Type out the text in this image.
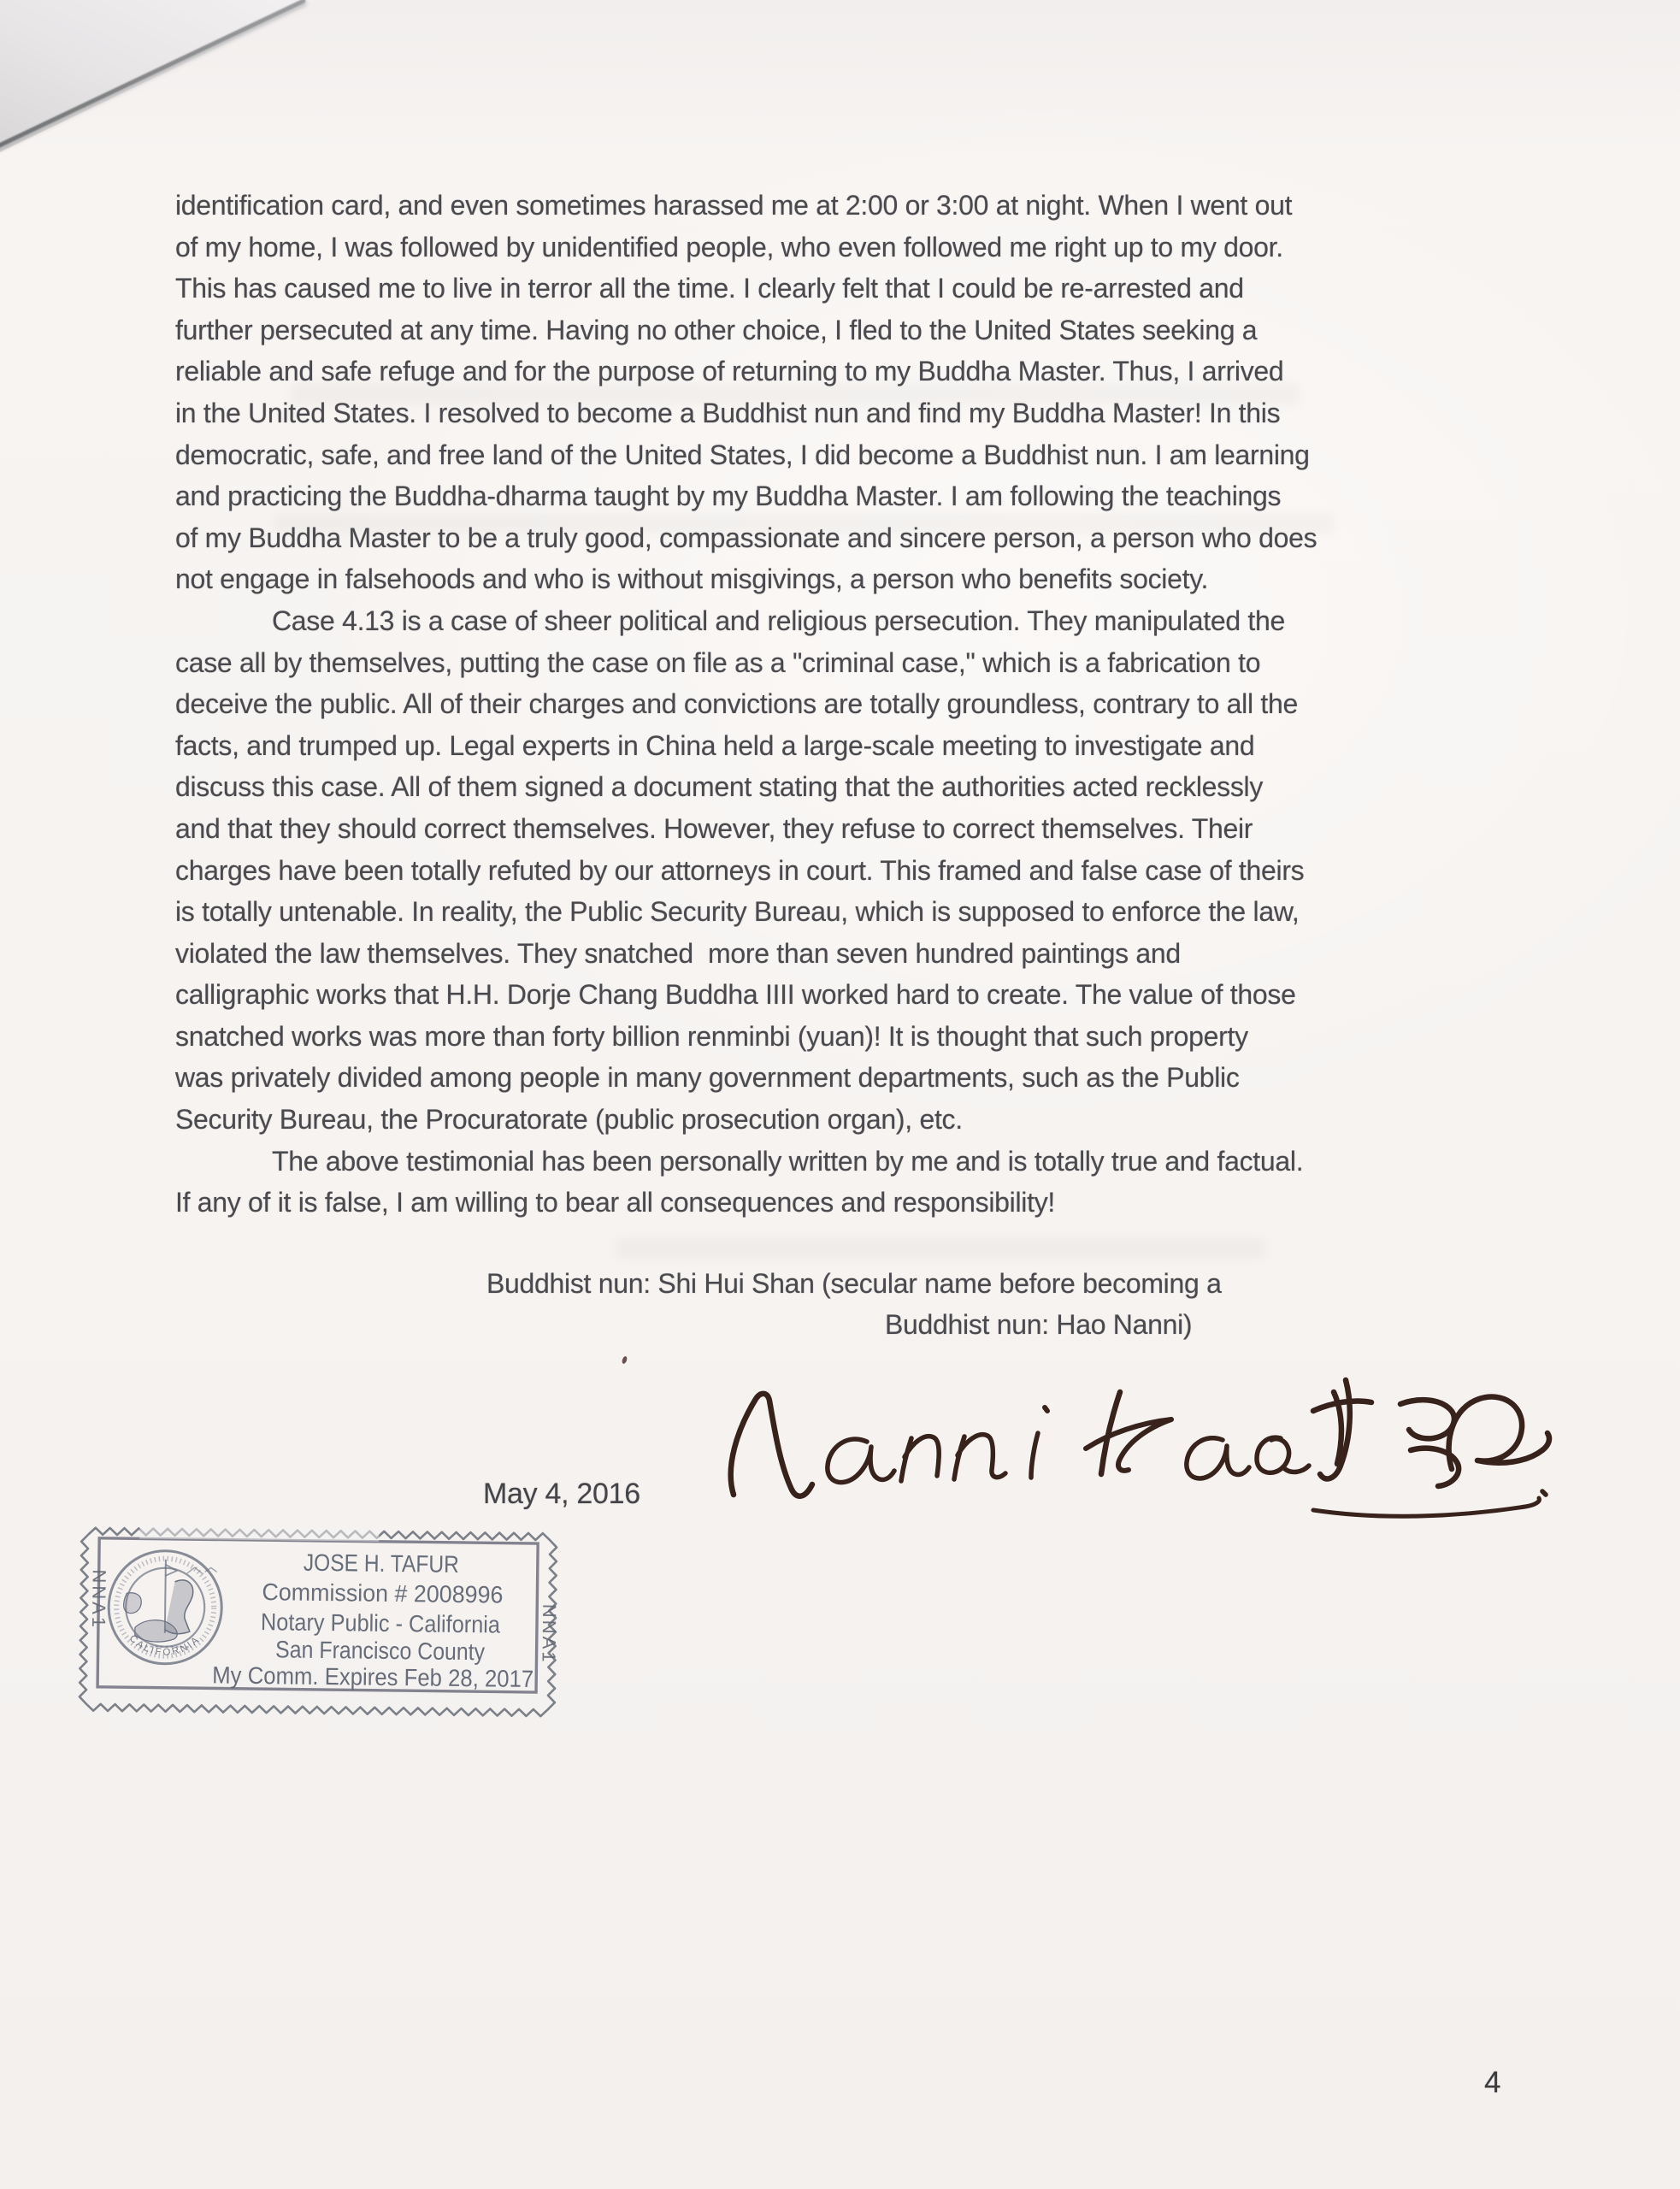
identification card, and even sometimes harassed me at 2:00 or 3:00 at night. When I went out
of my home, I was followed by unidentified people, who even followed me right up to my door.
This has caused me to live in terror all the time. I clearly felt that I could be re-arrested and
further persecuted at any time. Having no other choice, I fled to the United States seeking a
reliable and safe refuge and for the purpose of returning to my Buddha Master. Thus, I arrived
in the United States. I resolved to become a Buddhist nun and find my Buddha Master! In this
democratic, safe, and free land of the United States, I did become a Buddhist nun. I am learning
and practicing the Buddha-dharma taught by my Buddha Master. I am following the teachings
of my Buddha Master to be a truly good, compassionate and sincere person, a person who does
not engage in falsehoods and who is without misgivings, a person who benefits society.
Case 4.13 is a case of sheer political and religious persecution. They manipulated the
case all by themselves, putting the case on file as a "criminal case," which is a fabrication to
deceive the public. All of their charges and convictions are totally groundless, contrary to all the
facts, and trumped up. Legal experts in China held a large-scale meeting to investigate and
discuss this case. All of them signed a document stating that the authorities acted recklessly
and that they should correct themselves. However, they refuse to correct themselves. Their
charges have been totally refuted by our attorneys in court. This framed and false case of theirs
is totally untenable. In reality, the Public Security Bureau, which is supposed to enforce the law,
violated the law themselves. They snatched  more than seven hundred paintings and
calligraphic works that H.H. Dorje Chang Buddha IIII worked hard to create. The value of those
snatched works was more than forty billion renminbi (yuan)! It is thought that such property
was privately divided among people in many government departments, such as the Public
Security Bureau, the Procuratorate (public prosecution organ), etc.
The above testimonial has been personally written by me and is totally true and factual.
If any of it is false, I am willing to bear all consequences and responsibility!
Buddhist nun: Shi Hui Shan (secular name before becoming a
Buddhist nun: Hao Nanni)
May 4, 2016
CALIFORNIA
JOSE H. TAFUR
Commission # 2008996
Notary Public - California
San Francisco County
My Comm. Expires Feb 28, 2017
NNA1
NNA1
4
